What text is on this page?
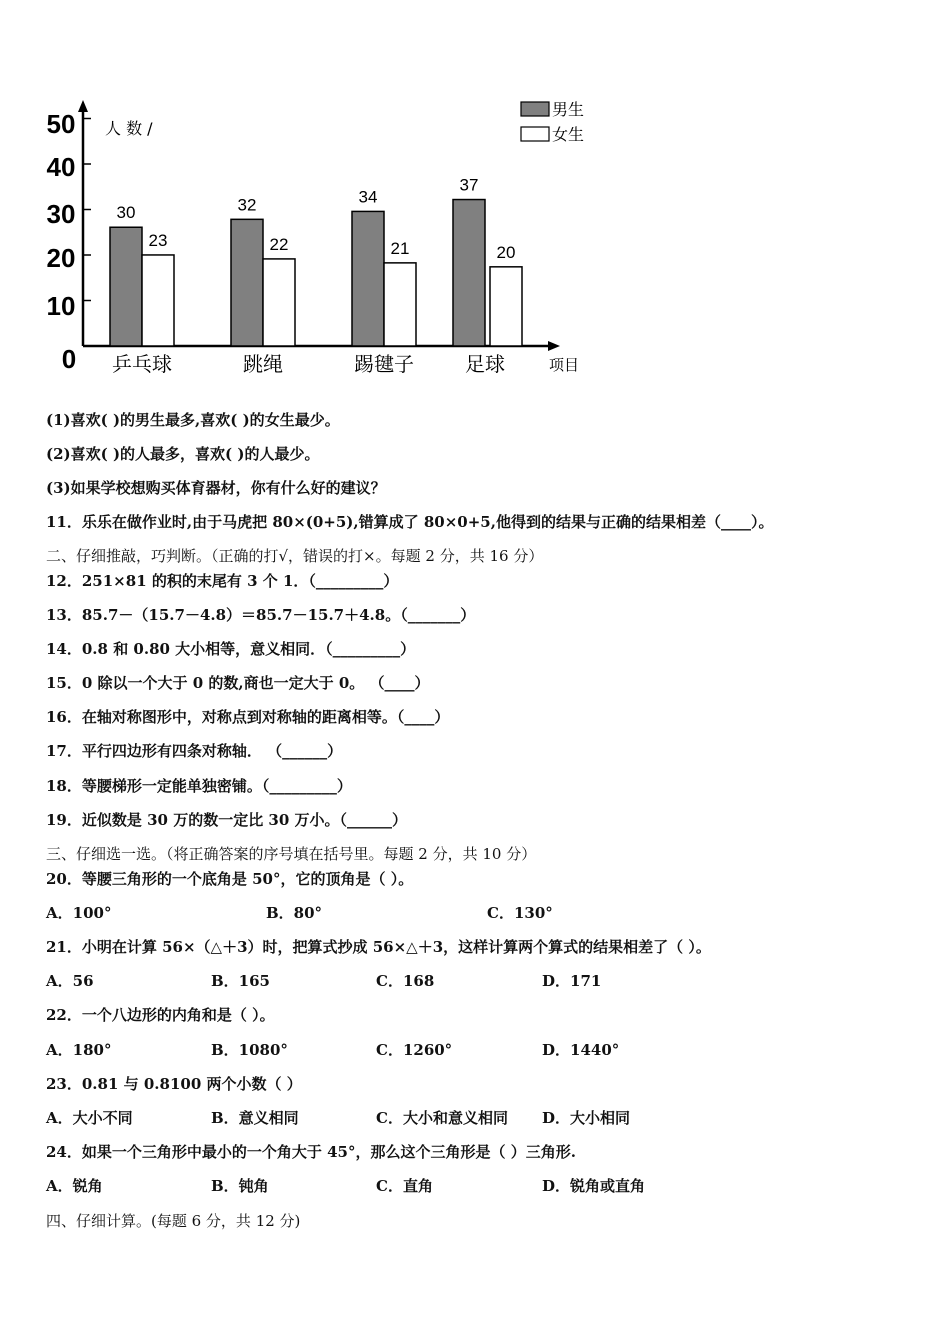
0
10
20
30
40
50 人 数 /
项目
30
23
乒乓球
32
22
跳绳
34
21
踢毽子
37
20
足球
男生
女生
(1)喜欢( )的男生最多,喜欢( )的女生最少。
(2)喜欢( )的人最多，喜欢( )的人最少。
(3)如果学校想购买体育器材，你有什么好的建议？
11．乐乐在做作业时,由于马虎把 80×(0+5),错算成了 80×0+5,他得到的结果与正确的结果相差（____）。
二、仔细推敲，巧判断。（正确的打√，错误的打×。每题 2 分，共 16 分）
12．251×81 的积的末尾有 3 个 1．（_________）
13．85.7－（15.7－4.8）＝85.7－15.7＋4.8。（_______）
14．0.8 和 0.80 大小相等，意义相同．（_________）
15．0 除以一个大于 0 的数,商也一定大于 0。 （____）
16．在轴对称图形中，对称点到对称轴的距离相等。（____）
17．平行四边形有四条对称轴． （______）
18．等腰梯形一定能单独密铺。（_________）
19．近似数是 30 万的数一定比 30 万小。（______）
三、仔细选一选。（将正确答案的序号填在括号里。每题 2 分，共 10 分）
20．等腰三角形的一个底角是 50°，它的顶角是（ ）。
A．100°	B．80°	C．130°
21．小明在计算 56×（△＋3）时，把算式抄成 56×△＋3，这样计算两个算式的结果相差了（ ）。
A．56	B．165	C．168	D．171
22．一个八边形的内角和是（ ）。
A．180°	B．1080°	C．1260°	D．1440°
23．0.81 与 0.8100 两个小数（ ）
A．大小不同	B．意义相同	C．大小和意义相同 D．大小相同
24．如果一个三角形中最小的一个角大于 45°，那么这个三角形是（ ）三角形.
A．锐角	B．钝角	C．直角	D．锐角或直角
四、仔细计算。(每题 6 分，共 12 分)
